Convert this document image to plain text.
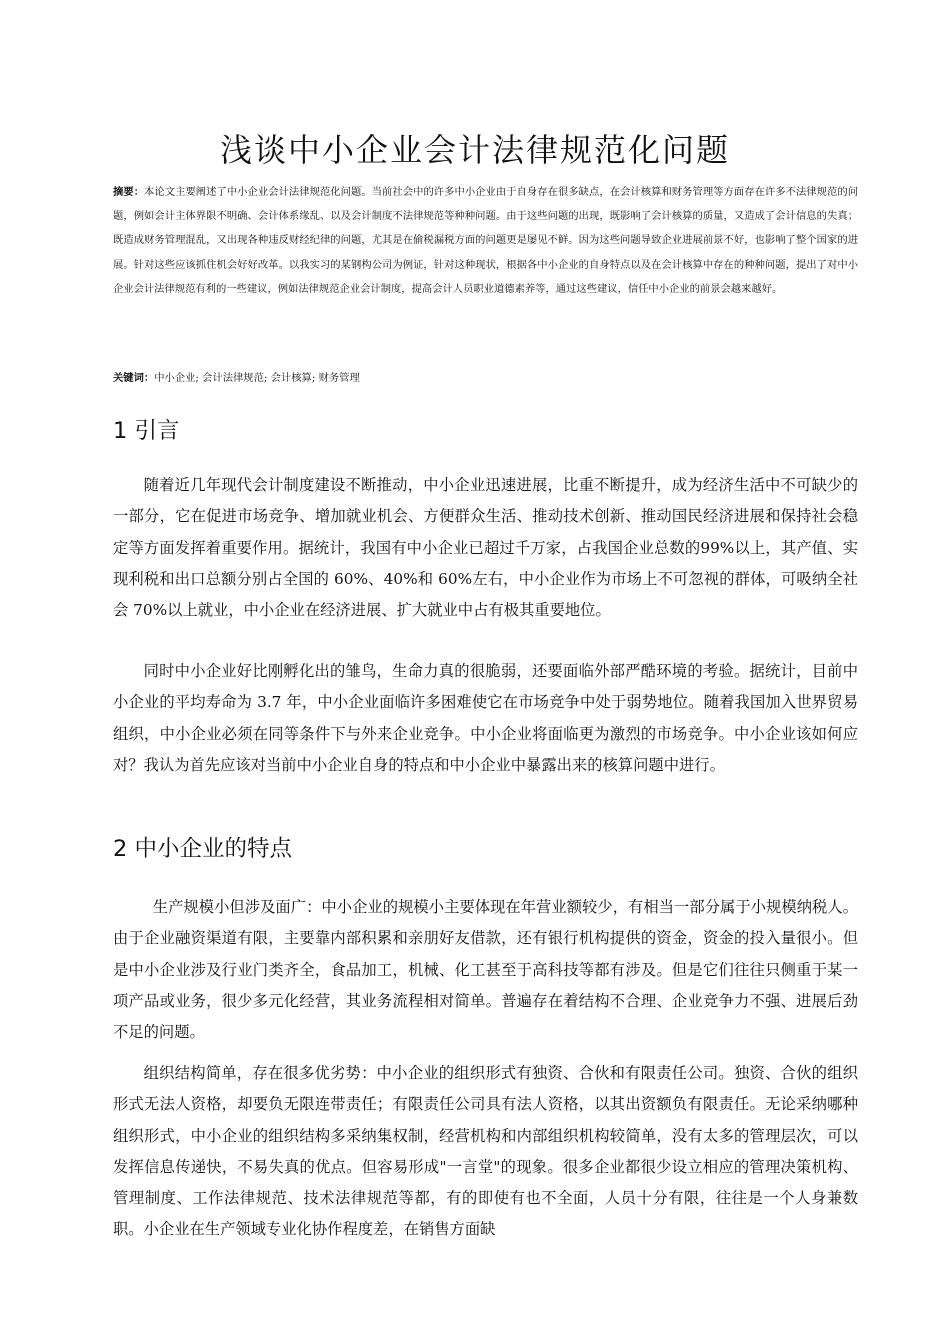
浅谈中小企业会计法律规范化问题

摘要：本论文主要阐述了中小企业会计法律规范化问题。当前社会中的许多中小企业由于自身存在很多缺点，在会计核算和财务管理等方面存在许多不法律规范的问题，例如会计主体界限不明确、会计体系缘乱、以及会计制度不法律规范等种种问题。由于这些问题的出现，既影响了会计核算的质量，又造成了会计信息的失真；既造成财务管理混乱，又出现各种违反财经纪律的问题，尤其是在偷税漏税方面的问题更是屡见不鲜。因为这些问题导致企业进展前景不好，也影响了整个国家的进展。针对这些应该抓住机会好好改革。以我实习的某钢构公司为例证，针对这种现状，根据各中小企业的自身特点以及在会计核算中存在的种种问题，提出了对中小企业会计法律规范有利的一些建议，例如法律规范企业会计制度，提高会计人员职业道德素养等，通过这些建议，信任中小企业的前景会越来越好。

关键词：中小企业; 会计法律规范; 会计核算; 财务管理

1 引言

随着近几年现代会计制度建设不断推动，中小企业迅速进展，比重不断提升，成为经济生活中不可缺少的一部分，它在促进市场竞争、增加就业机会、方便群众生活、推动技术创新、推动国民经济进展和保持社会稳定等方面发挥着重要作用。据统计，我国有中小企业已超过千万家，占我国企业总数的99%以上，其产值、实现利税和出口总额分别占全国的 60%、40%和 60%左右，中小企业作为市场上不可忽视的群体，可吸纳全社会 70%以上就业，中小企业在经济进展、扩大就业中占有极其重要地位。

同时中小企业好比刚孵化出的雏鸟，生命力真的很脆弱，还要面临外部严酷环境的考验。据统计，目前中小企业的平均寿命为 3.7 年，中小企业面临许多困难使它在市场竞争中处于弱势地位。随着我国加入世界贸易组织，中小企业必须在同等条件下与外来企业竞争。中小企业将面临更为激烈的市场竞争。中小企业该如何应对？我认为首先应该对当前中小企业自身的特点和中小企业中暴露出来的核算问题中进行。

2 中小企业的特点

生产规模小但涉及面广：中小企业的规模小主要体现在年营业额较少，有相当一部分属于小规模纳税人。由于企业融资渠道有限，主要靠内部积累和亲朋好友借款，还有银行机构提供的资金，资金的投入量很小。但是中小企业涉及行业门类齐全，食品加工，机械、化工甚至于高科技等都有涉及。但是它们往往只侧重于某一项产品或业务，很少多元化经营，其业务流程相对简单。普遍存在着结构不合理、企业竞争力不强、进展后劲不足的问题。

组织结构简单，存在很多优劣势：中小企业的组织形式有独资、合伙和有限责任公司。独资、合伙的组织形式无法人资格，却要负无限连带责任；有限责任公司具有法人资格，以其出资额负有限责任。无论采纳哪种组织形式，中小企业的组织结构多采纳集权制，经营机构和内部组织机构较简单，没有太多的管理层次，可以发挥信息传递快，不易失真的优点。但容易形成"一言堂"的现象。很多企业都很少设立相应的管理决策机构、管理制度、工作法律规范、技术法律规范等都，有的即使有也不全面，人员十分有限，往往是一个人身兼数职。小企业在生产领域专业化协作程度差，在销售方面缺
